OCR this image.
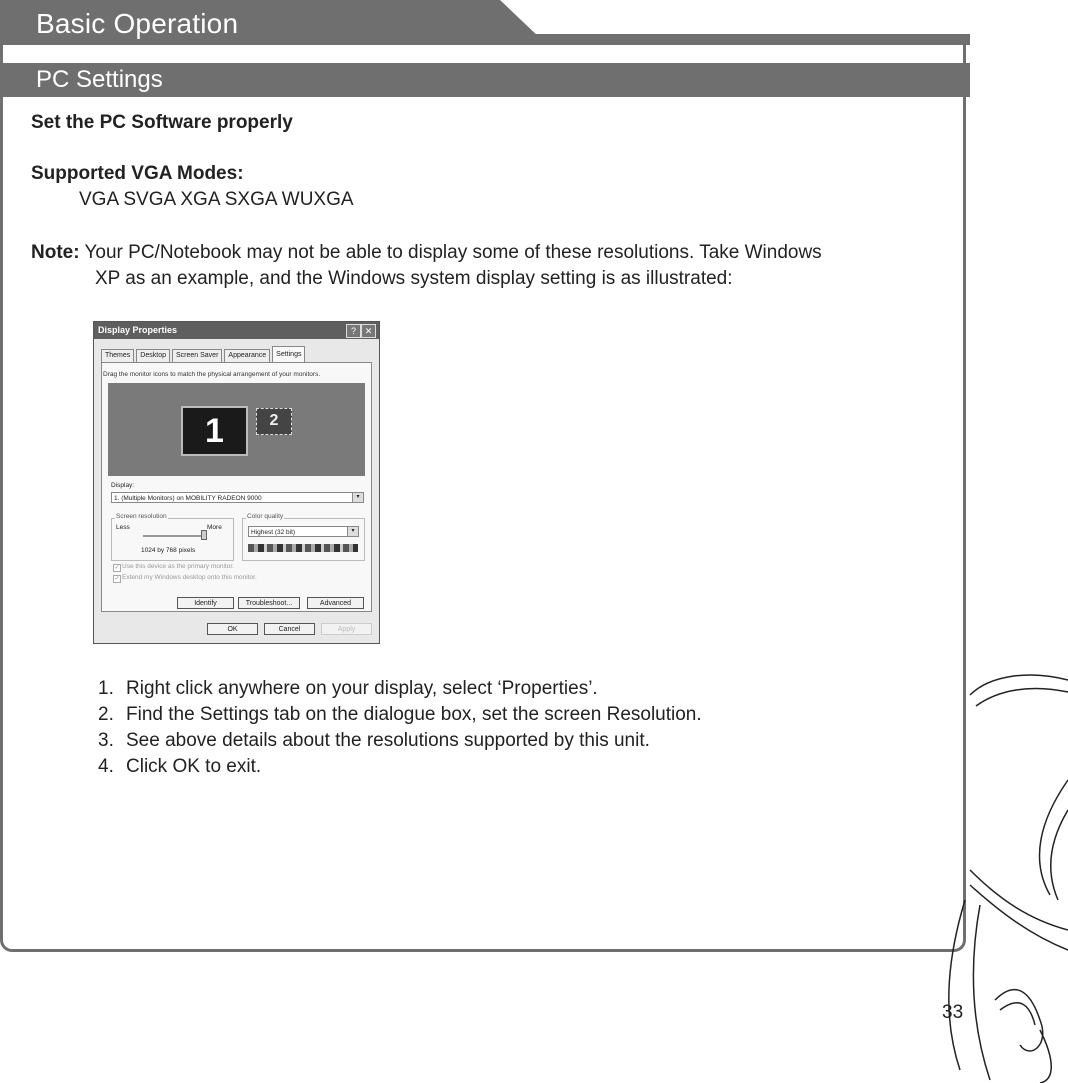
Basic Operation
PC Settings
Set the PC Software properly
Supported VGA Modes:
VGA SVGA XGA SXGA WUXGA
Note: Your PC/Notebook may not be able to display some of these resolutions. Take Windows
XP as an example, and the Windows system display setting is as illustrated:
Display Properties	? ✕
Themes	Desktop	Screen Saver	Appearance	Settings
Drag the monitor icons to match the physical arrangement of your monitors.
1	2
Display:
1. (Multiple Monitors) on MOBILITY RADEON 9000	▾
Screen resolution
Less	More
1024 by 768 pixels
Color quality
Highest (32 bit)	▾
✓ Use this device as the primary monitor.
✓ Extend my Windows desktop onto this monitor.
Identify	Troubleshoot...	Advanced
OK	Cancel	Apply
1. Right click anywhere on your display, select ‘Properties’.
2. Find the Settings tab on the dialogue box, set the screen Resolution.
3. See above details about the resolutions supported by this unit.
4. Click OK to exit.
33
